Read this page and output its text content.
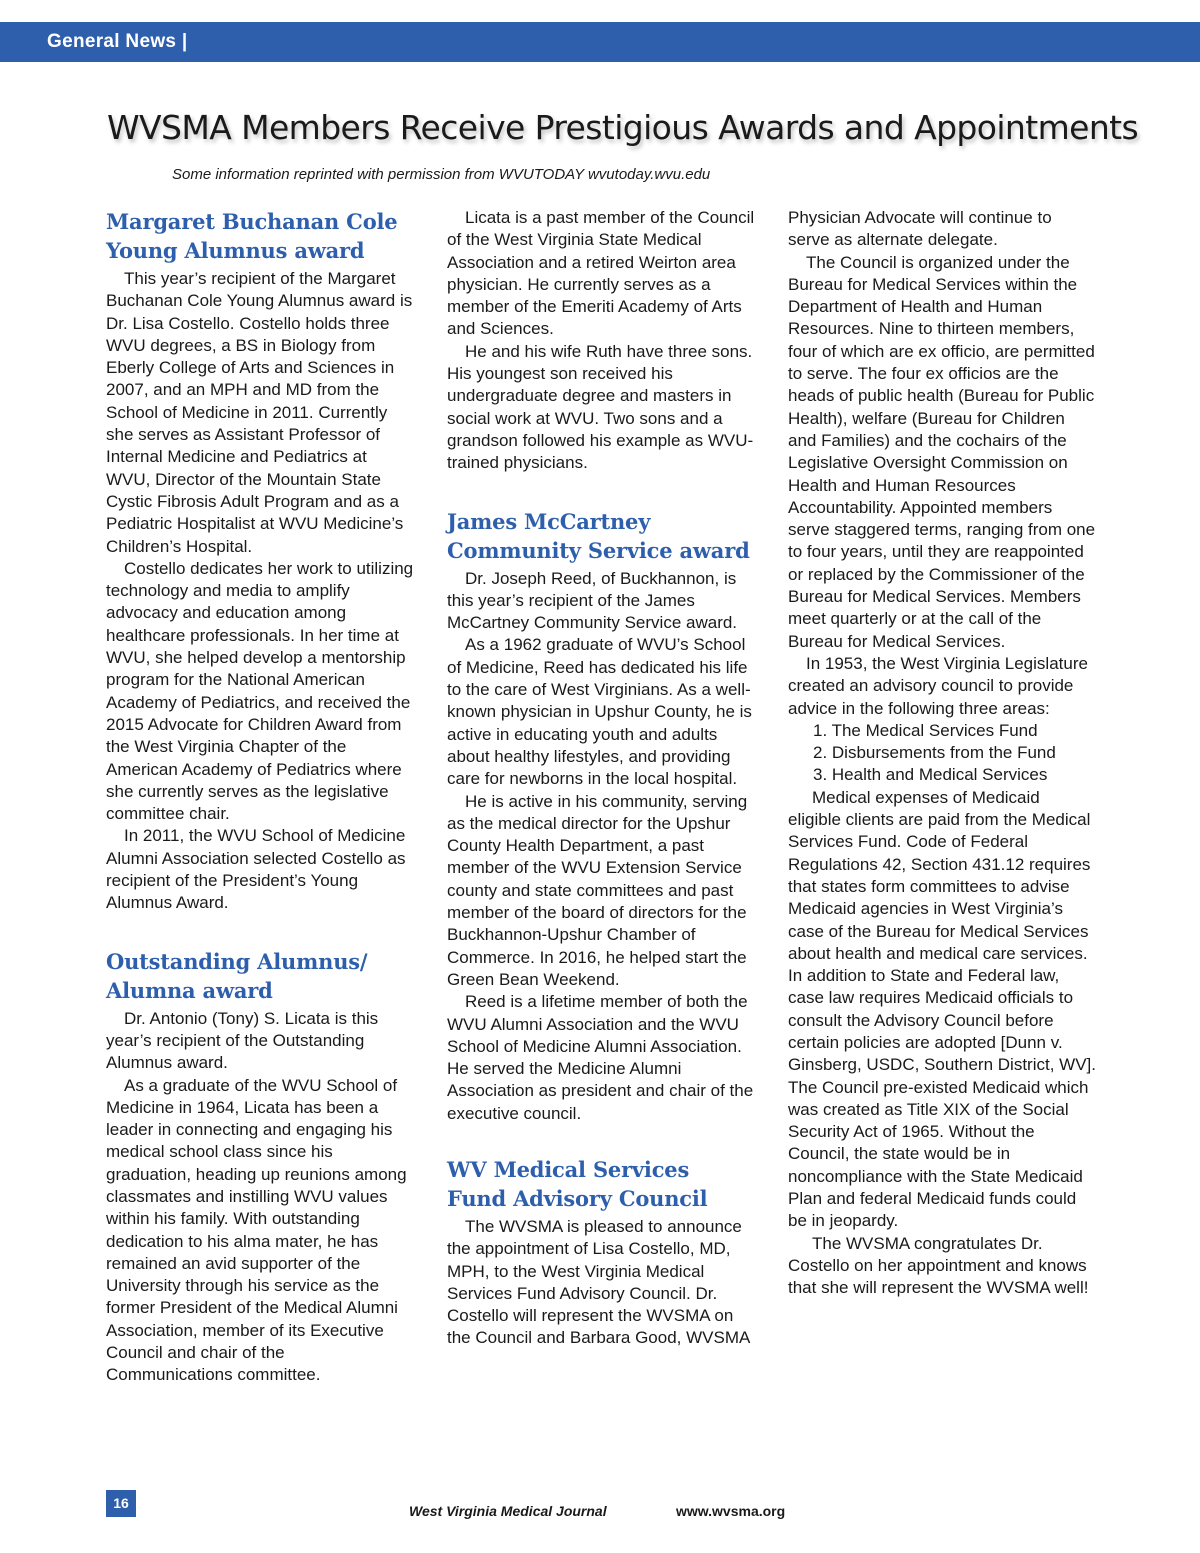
General News |
WVSMA Members Receive Prestigious Awards and Appointments
Some information reprinted with permission from WVUTODAY wvutoday.wvu.edu
Margaret Buchanan Cole Young Alumnus award

This year’s recipient of the Margaret Buchanan Cole Young Alumnus award is Dr. Lisa Costello. Costello holds three WVU degrees, a BS in Biology from Eberly College of Arts and Sciences in 2007, and an MPH and MD from the School of Medicine in 2011. Currently she serves as Assistant Professor of Internal Medicine and Pediatrics at WVU, Director of the Mountain State Cystic Fibrosis Adult Program and as a Pediatric Hospitalist at WVU Medicine’s Children’s Hospital.

Costello dedicates her work to utilizing technology and media to amplify advocacy and education among healthcare professionals. In her time at WVU, she helped develop a mentorship program for the National American Academy of Pediatrics, and received the 2015 Advocate for Children Award from the West Virginia Chapter of the American Academy of Pediatrics where she currently serves as the legislative committee chair.

In 2011, the WVU School of Medicine Alumni Association selected Costello as recipient of the President’s Young Alumnus Award.

Outstanding Alumnus/ Alumna award

Dr. Antonio (Tony) S. Licata is this year’s recipient of the Outstanding Alumnus award.

As a graduate of the WVU School of Medicine in 1964, Licata has been a leader in connecting and engaging his medical school class since his graduation, heading up reunions among classmates and instilling WVU values within his family. With outstanding dedication to his alma mater, he has remained an avid supporter of the University through his service as the former President of the Medical Alumni Association, member of its Executive Council and chair of the Communications committee.

Licata is a past member of the Council of the West Virginia State Medical Association and a retired Weirton area physician. He currently serves as a member of the Emeriti Academy of Arts and Sciences.

He and his wife Ruth have three sons. His youngest son received his undergraduate degree and masters in social work at WVU. Two sons and a grandson followed his example as WVU-trained physicians.

James McCartney Community Service award

Dr. Joseph Reed, of Buckhannon, is this year’s recipient of the James McCartney Community Service award.

As a 1962 graduate of WVU’s School of Medicine, Reed has dedicated his life to the care of West Virginians. As a well-known physician in Upshur County, he is active in educating youth and adults about healthy lifestyles, and providing care for newborns in the local hospital.

He is active in his community, serving as the medical director for the Upshur County Health Department, a past member of the WVU Extension Service county and state committees and past member of the board of directors for the Buckhannon-Upshur Chamber of Commerce. In 2016, he helped start the Green Bean Weekend.

Reed is a lifetime member of both the WVU Alumni Association and the WVU School of Medicine Alumni Association. He served the Medicine Alumni Association as president and chair of the executive council.

WV Medical Services Fund Advisory Council

The WVSMA is pleased to announce the appointment of Lisa Costello, MD, MPH, to the West Virginia Medical Services Fund Advisory Council. Dr. Costello will represent the WVSMA on the Council and Barbara Good, WVSMA

Physician Advocate will continue to serve as alternate delegate.

The Council is organized under the Bureau for Medical Services within the Department of Health and Human Resources. Nine to thirteen members, four of which are ex officio, are permitted to serve. The four ex officios are the heads of public health (Bureau for Public Health), welfare (Bureau for Children and Families) and the cochairs of the Legislative Oversight Commission on Health and Human Resources Accountability. Appointed members serve staggered terms, ranging from one to four years, until they are reappointed or replaced by the Commissioner of the Bureau for Medical Services. Members meet quarterly or at the call of the Bureau for Medical Services.

In 1953, the West Virginia Legislature created an advisory council to provide advice in the following three areas:

1. The Medical Services Fund
2. Disbursements from the Fund
3. Health and Medical Services

Medical expenses of Medicaid eligible clients are paid from the Medical Services Fund. Code of Federal Regulations 42, Section 431.12 requires that states form committees to advise Medicaid agencies in West Virginia’s case of the Bureau for Medical Services about health and medical care services. In addition to State and Federal law, case law requires Medicaid officials to consult the Advisory Council before certain policies are adopted [Dunn v. Ginsberg, USDC, Southern District, WV]. The Council pre-existed Medicaid which was created as Title XIX of the Social Security Act of 1965. Without the Council, the state would be in noncompliance with the State Medicaid Plan and federal Medicaid funds could be in jeopardy.

The WVSMA congratulates Dr. Costello on her appointment and knows that she will represent the WVSMA well!

16	West Virginia Medical Journal	www.wvsma.org
